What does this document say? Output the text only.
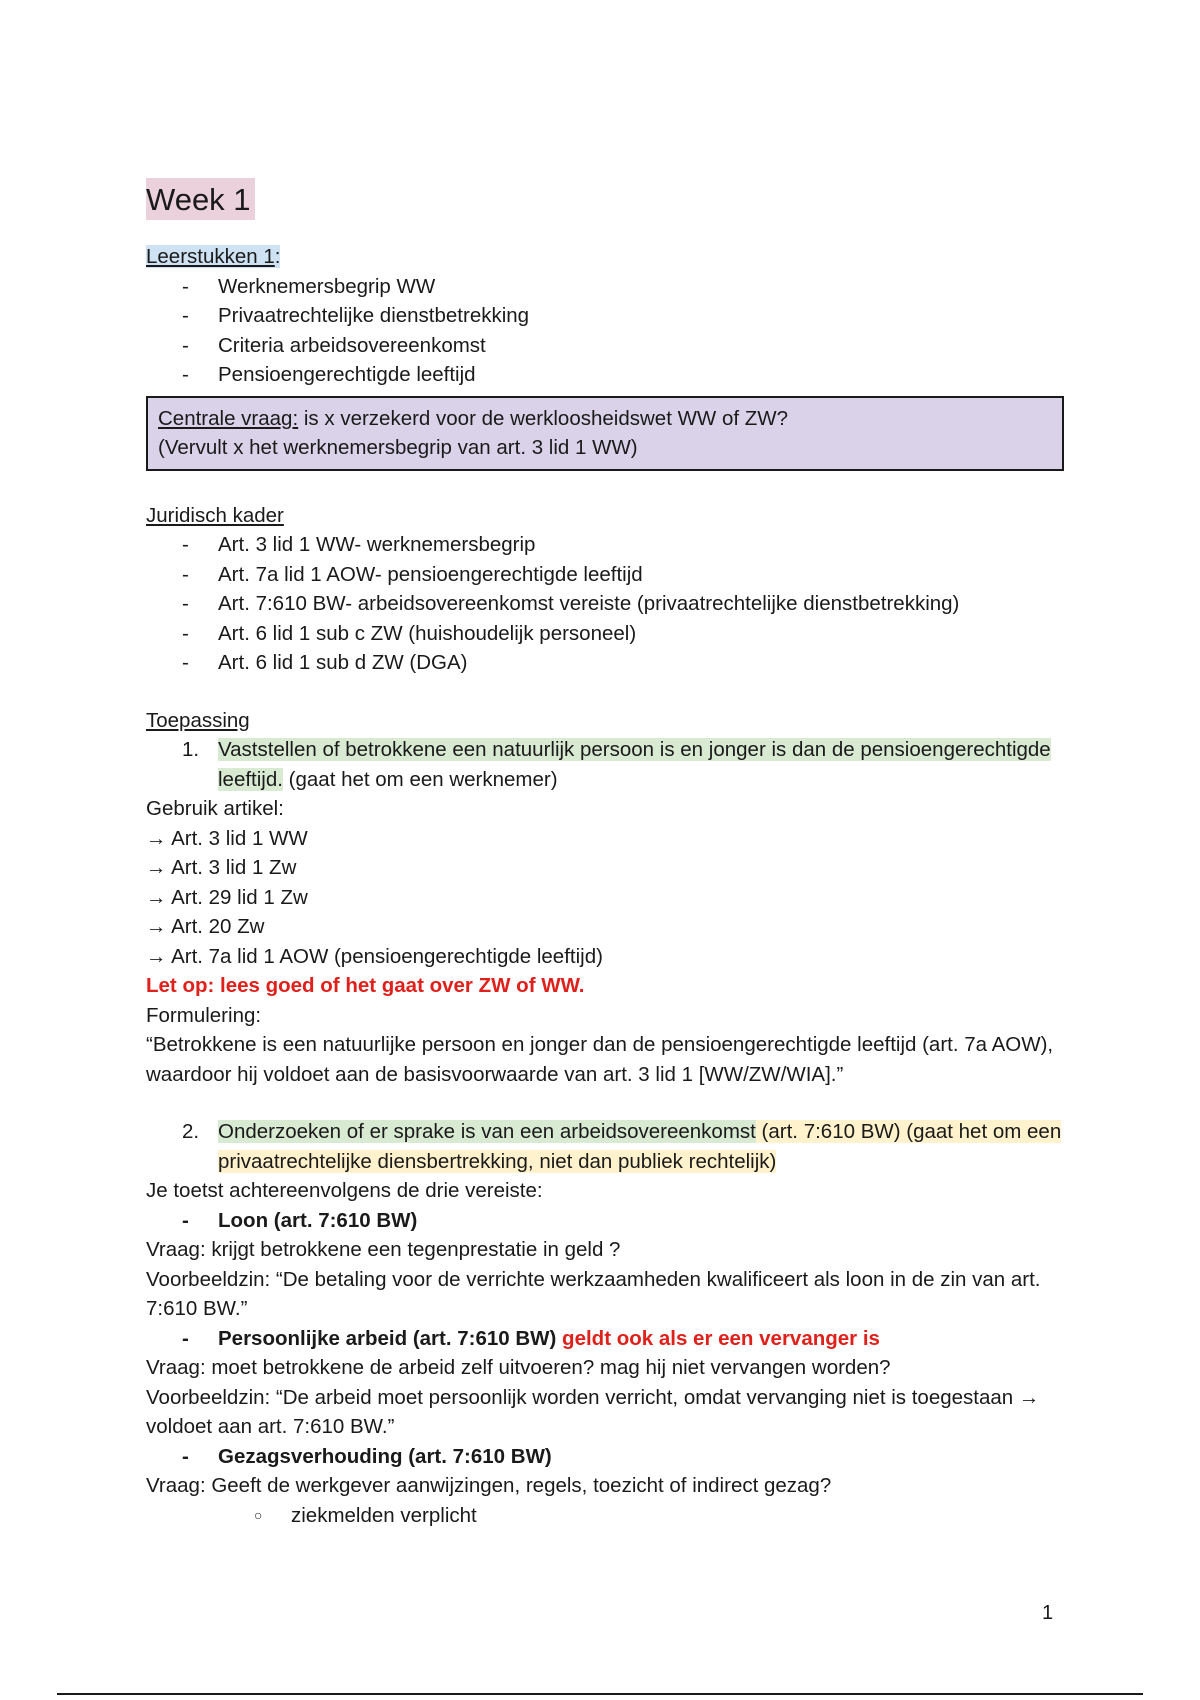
Week 1
Leerstukken 1:
- Werknemersbegrip WW
- Privaatrechtelijke dienstbetrekking
- Criteria arbeidsovereenkomst
- Pensioengerechtigde leeftijd
Centrale vraag: is x verzekerd voor de werkloosheidswet WW of ZW?
(Vervult x het werknemersbegrip van art. 3 lid 1 WW)
Juridisch kader
- Art. 3 lid 1 WW- werknemersbegrip
- Art. 7a lid 1 AOW- pensioengerechtigde leeftijd
- Art. 7:610 BW- arbeidsovereenkomst vereiste (privaatrechtelijke dienstbetrekking)
- Art. 6 lid 1 sub c ZW (huishoudelijk personeel)
- Art. 6 lid 1 sub d ZW (DGA)
Toepassing
1. Vaststellen of betrokkene een natuurlijk persoon is en jonger is dan de pensioengerechtigde leeftijd. (gaat het om een werknemer)
Gebruik artikel:
→ Art. 3 lid 1 WW
→ Art. 3 lid 1 Zw
→ Art. 29 lid 1 Zw
→ Art. 20 Zw
→ Art. 7a lid 1 AOW (pensioengerechtigde leeftijd)
Let op: lees goed of het gaat over ZW of WW.
Formulering:
“Betrokkene is een natuurlijke persoon en jonger dan de pensioengerechtigde leeftijd (art. 7a AOW), waardoor hij voldoet aan de basisvoorwaarde van art. 3 lid 1 [WW/ZW/WIA].”
2. Onderzoeken of er sprake is van een arbeidsovereenkomst (art. 7:610 BW) (gaat het om een privaatrechtelijke diensbertrekking, niet dan publiek rechtelijk)
Je toetst achtereenvolgens de drie vereiste:
- Loon (art. 7:610 BW)
Vraag: krijgt betrokkene een tegenprestatie in geld ?
Voorbeeldzin: “De betaling voor de verrichte werkzaamheden kwalificeert als loon in de zin van art. 7:610 BW.”
- Persoonlijke arbeid (art. 7:610 BW) geldt ook als er een vervanger is
Vraag: moet betrokkene de arbeid zelf uitvoeren? mag hij niet vervangen worden?
Voorbeeldzin: “De arbeid moet persoonlijk worden verricht, omdat vervanging niet is toegestaan → voldoet aan art. 7:610 BW.”
- Gezagsverhouding (art. 7:610 BW)
Vraag: Geeft de werkgever aanwijzingen, regels, toezicht of indirect gezag?
○ ziekmelden verplicht
1
